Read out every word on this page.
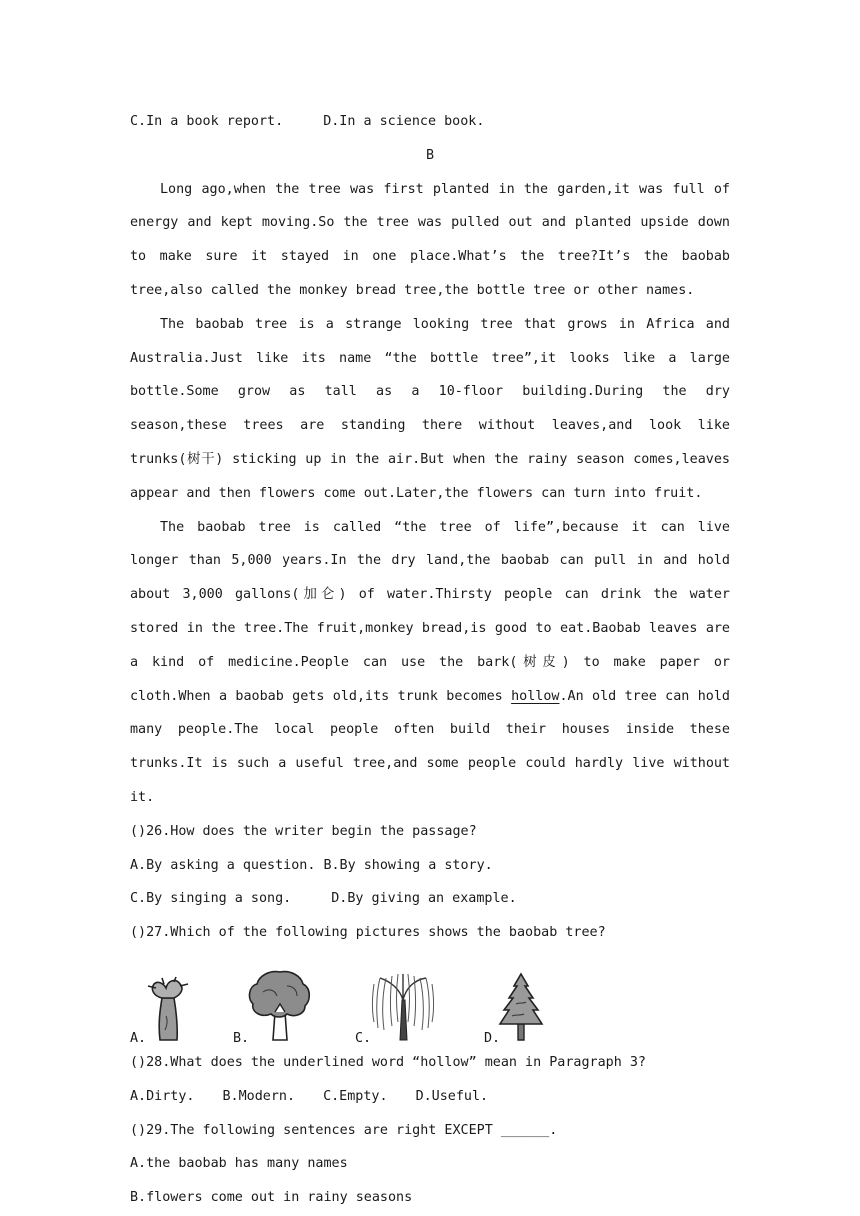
C.In a book report.	D.In a science book.
B

Long ago,when the tree was first planted in the garden,it was full of energy and kept moving.So the tree was pulled out and planted upside down to make sure it stayed in one place.What’s the tree?It’s the baobab tree,also called the monkey bread tree,the bottle tree or other names.

The baobab tree is a strange looking tree that grows in Africa and Australia.Just like its name “the bottle tree”,it looks like a large bottle.Some grow as tall as a 10-floor building.During the dry season,these trees are standing there without leaves,and look like trunks(树干) sticking up in the air.But when the rainy season comes,leaves appear and then flowers come out.Later,the flowers can turn into fruit.

The baobab tree is called “the tree of life”,because it can live longer than 5,000 years.In the dry land,the baobab can pull in and hold about 3,000 gallons(加仑) of water.Thirsty people can drink the water stored in the tree.The fruit,monkey bread,is good to eat.Baobab leaves are a kind of medicine.People can use the bark(树皮) to make paper or cloth.When a baobab gets old,its trunk becomes hollow.An old tree can hold many people.The local people often build their houses inside these trunks.It is such a useful tree,and some people could hardly live without it.

()26.How does the writer begin the passage?
A.By asking a question. B.By showing a story.
C.By singing a song.	D.By giving an example.
()27.Which of the following pictures shows the baobab tree?
A.	B.	C.	D.
()28.What does the underlined word “hollow” mean in Paragraph 3?
A.Dirty. B.Modern. C.Empty. D.Useful.
()29.The following sentences are right EXCEPT ______.
A.the baobab has many names
B.flowers come out in rainy seasons
